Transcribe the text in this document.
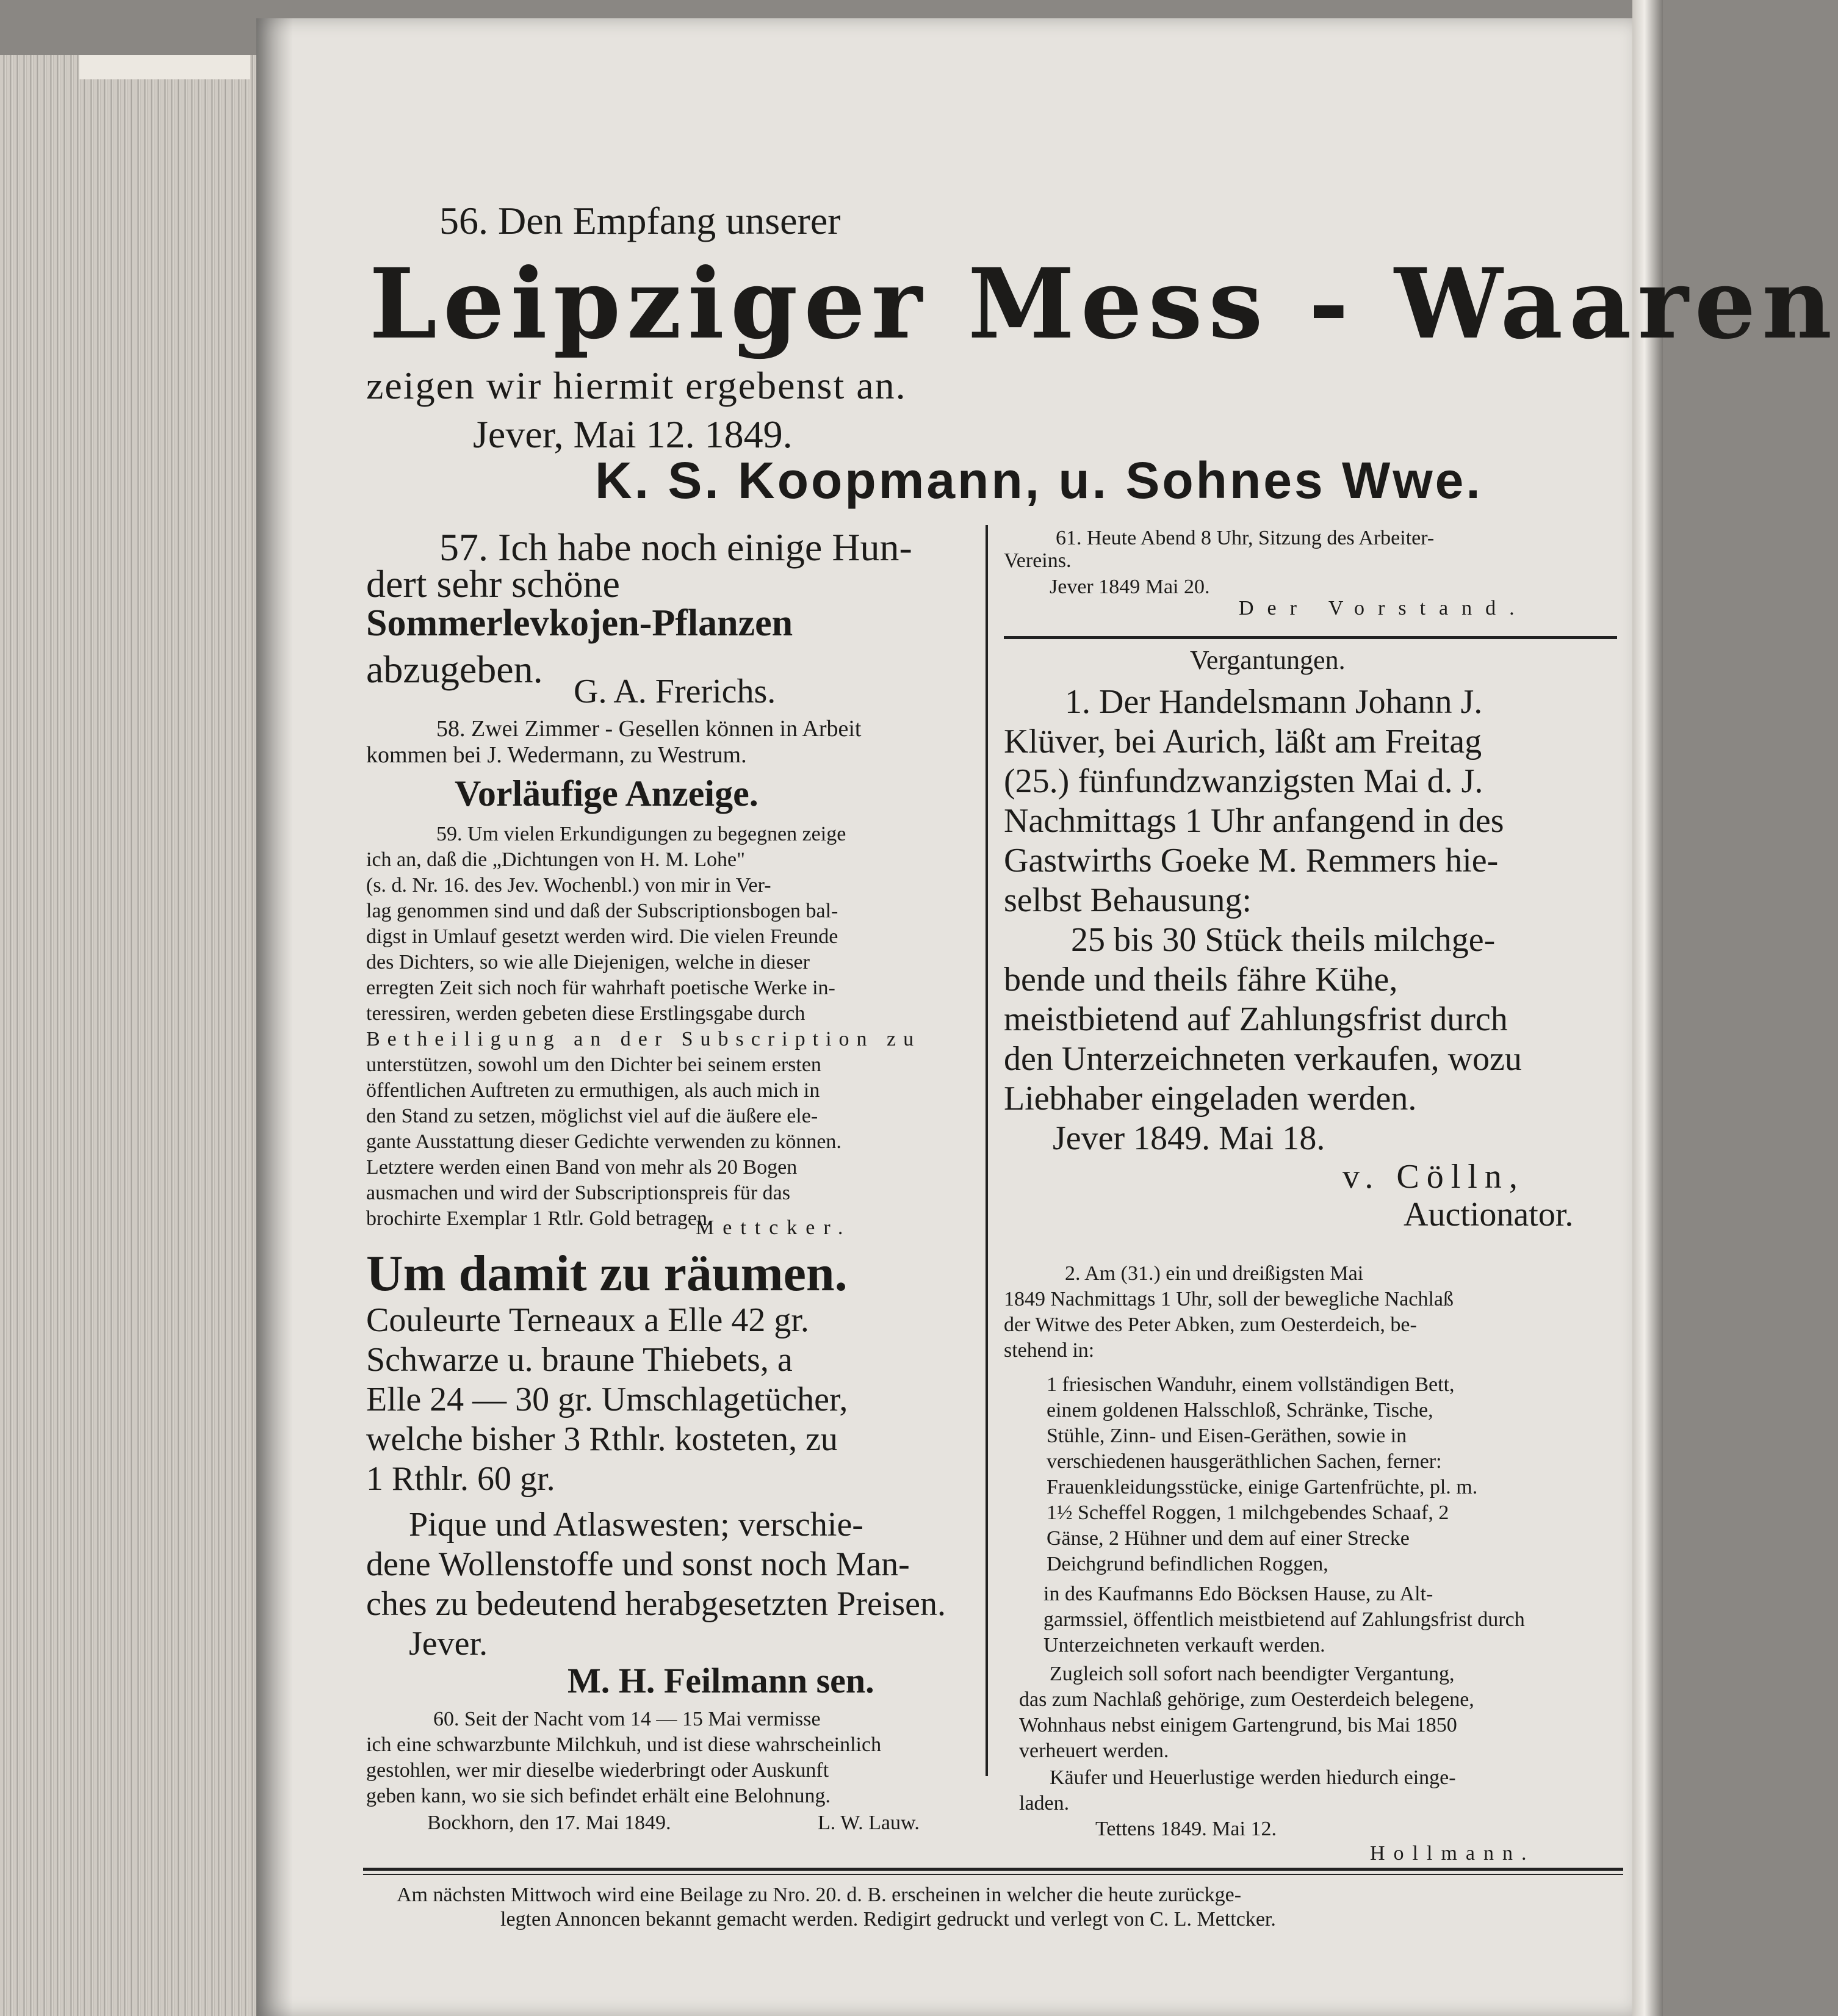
56. Den Empfang unserer
Leipziger Mess - Waaren
zeigen wir hiermit ergebenst an.
Jever, Mai 12. 1849.
K. S. Koopmann, u. Sohnes Wwe.
57. Ich habe noch einige Hun-
dert sehr schöne
Sommerlevkojen-Pflanzen
abzugeben.
G. A. Frerichs.
58. Zwei Zimmer - Gesellen können in Arbeit
kommen bei J. Wedermann, zu Westrum.
Vorläufige Anzeige.
59. Um vielen Erkundigungen zu begegnen zeige
ich an, daß die „Dichtungen von H. M. Lohe"
(s. d. Nr. 16. des Jev. Wochenbl.) von mir in Ver-
lag genommen sind und daß der Subscriptionsbogen bal-
digst in Umlauf gesetzt werden wird. Die vielen Freunde
des Dichters, so wie alle Diejenigen, welche in dieser
erregten Zeit sich noch für wahrhaft poetische Werke in-
teressiren, werden gebeten diese Erstlingsgabe durch
Betheiligung an der Subscription zu
unterstützen, sowohl um den Dichter bei seinem ersten
öffentlichen Auftreten zu ermuthigen, als auch mich in
den Stand zu setzen, möglichst viel auf die äußere ele-
gante Ausstattung dieser Gedichte verwenden zu können.
Letztere werden einen Band von mehr als 20 Bogen
ausmachen und wird der Subscriptionspreis für das
brochirte Exemplar 1 Rtlr. Gold betragen.
Mettcker.
Um damit zu räumen.
Couleurte Terneaux a Elle 42 gr.
Schwarze u. braune Thiebets, a
Elle 24 — 30 gr. Umschlagetücher,
welche bisher 3 Rthlr. kosteten, zu
1 Rthlr. 60 gr.
Pique und Atlaswesten; verschie-
dene Wollenstoffe und sonst noch Man-
ches zu bedeutend herabgesetzten Preisen.
Jever.
M. H. Feilmann sen.
60. Seit der Nacht vom 14 — 15 Mai vermisse
ich eine schwarzbunte Milchkuh, und ist diese wahrscheinlich
gestohlen, wer mir dieselbe wiederbringt oder Auskunft
geben kann, wo sie sich befindet erhält eine Belohnung.
Bockhorn, den 17. Mai 1849.	L. W. Lauw.
61. Heute Abend 8 Uhr, Sitzung des Arbeiter-
Vereins.
Jever 1849 Mai 20.
Der Vorstand.
Vergantungen.
1. Der Handelsmann Johann J.
Klüver, bei Aurich, läßt am Freitag
(25.) fünfundzwanzigsten Mai d. J.
Nachmittags 1 Uhr anfangend in des
Gastwirths Goeke M. Remmers hie-
selbst Behausung:
25 bis 30 Stück theils milchge-
bende und theils fähre Kühe,
meistbietend auf Zahlungsfrist durch
den Unterzeichneten verkaufen, wozu
Liebhaber eingeladen werden.
Jever 1849. Mai 18.
v. Cölln,
Auctionator.
2. Am (31.) ein und dreißigsten Mai
1849 Nachmittags 1 Uhr, soll der bewegliche Nachlaß
der Witwe des Peter Abken, zum Oesterdeich, be-
stehend in:
1 friesischen Wanduhr, einem vollständigen Bett,
einem goldenen Halsschloß, Schränke, Tische,
Stühle, Zinn- und Eisen-Geräthen, sowie in
verschiedenen hausgeräthlichen Sachen, ferner:
Frauenkleidungsstücke, einige Gartenfrüchte, pl. m.
1½ Scheffel Roggen, 1 milchgebendes Schaaf, 2
Gänse, 2 Hühner und dem auf einer Strecke
Deichgrund befindlichen Roggen,
in des Kaufmanns Edo Böcksen Hause, zu Alt-
garmssiel, öffentlich meistbietend auf Zahlungsfrist durch
Unterzeichneten verkauft werden.
Zugleich soll sofort nach beendigter Vergantung,
das zum Nachlaß gehörige, zum Oesterdeich belegene,
Wohnhaus nebst einigem Gartengrund, bis Mai 1850
verheuert werden.
Käufer und Heuerlustige werden hiedurch einge-
laden.
Tettens 1849. Mai 12.
Hollmann.
Am nächsten Mittwoch wird eine Beilage zu Nro. 20. d. B. erscheinen in welcher die heute zurückge-
legten Annoncen bekannt gemacht werden. Redigirt gedruckt und verlegt von C. L. Mettcker.
